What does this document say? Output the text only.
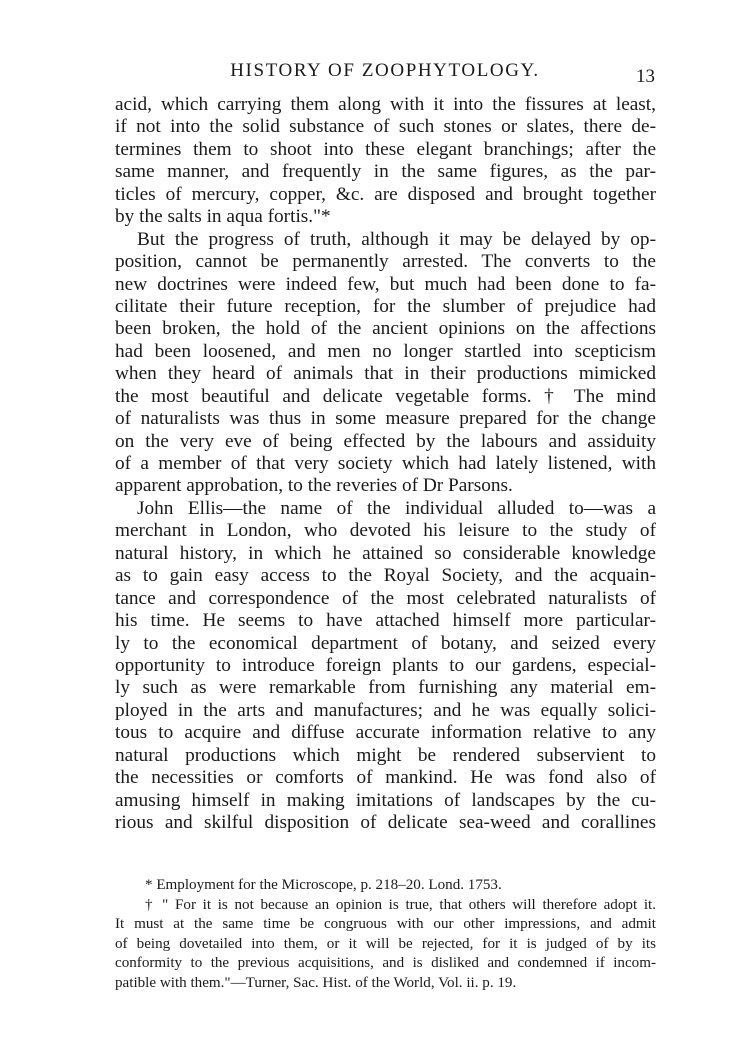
HISTORY OF ZOOPHYTOLOGY.	13
acid, which carrying them along with it into the fissures at least,
if not into the solid substance of such stones or slates, there de-
termines them to shoot into these elegant branchings; after the
same manner, and frequently in the same figures, as the par-
ticles of mercury, copper, &c. are disposed and brought together
by the salts in aqua fortis."*
But the progress of truth, although it may be delayed by op-
position, cannot be permanently arrested. The converts to the
new doctrines were indeed few, but much had been done to fa-
cilitate their future reception, for the slumber of prejudice had
been broken, the hold of the ancient opinions on the affections
had been loosened, and men no longer startled into scepticism
when they heard of animals that in their productions mimicked
the most beautiful and delicate vegetable forms. † The mind
of naturalists was thus in some measure prepared for the change
on the very eve of being effected by the labours and assiduity
of a member of that very society which had lately listened, with
apparent approbation, to the reveries of Dr Parsons.
John Ellis—the name of the individual alluded to—was a
merchant in London, who devoted his leisure to the study of
natural history, in which he attained so considerable knowledge
as to gain easy access to the Royal Society, and the acquain-
tance and correspondence of the most celebrated naturalists of
his time. He seems to have attached himself more particular-
ly to the economical department of botany, and seized every
opportunity to introduce foreign plants to our gardens, especial-
ly such as were remarkable from furnishing any material em-
ployed in the arts and manufactures; and he was equally solici-
tous to acquire and diffuse accurate information relative to any
natural productions which might be rendered subservient to
the necessities or comforts of mankind. He was fond also of
amusing himself in making imitations of landscapes by the cu-
rious and skilful disposition of delicate sea-weed and corallines
* Employment for the Microscope, p. 218–20. Lond. 1753.
† " For it is not because an opinion is true, that others will therefore adopt it.
It must at the same time be congruous with our other impressions, and admit
of being dovetailed into them, or it will be rejected, for it is judged of by its
conformity to the previous acquisitions, and is disliked and condemned if incom-
patible with them."—Turner, Sac. Hist. of the World, Vol. ii. p. 19.
